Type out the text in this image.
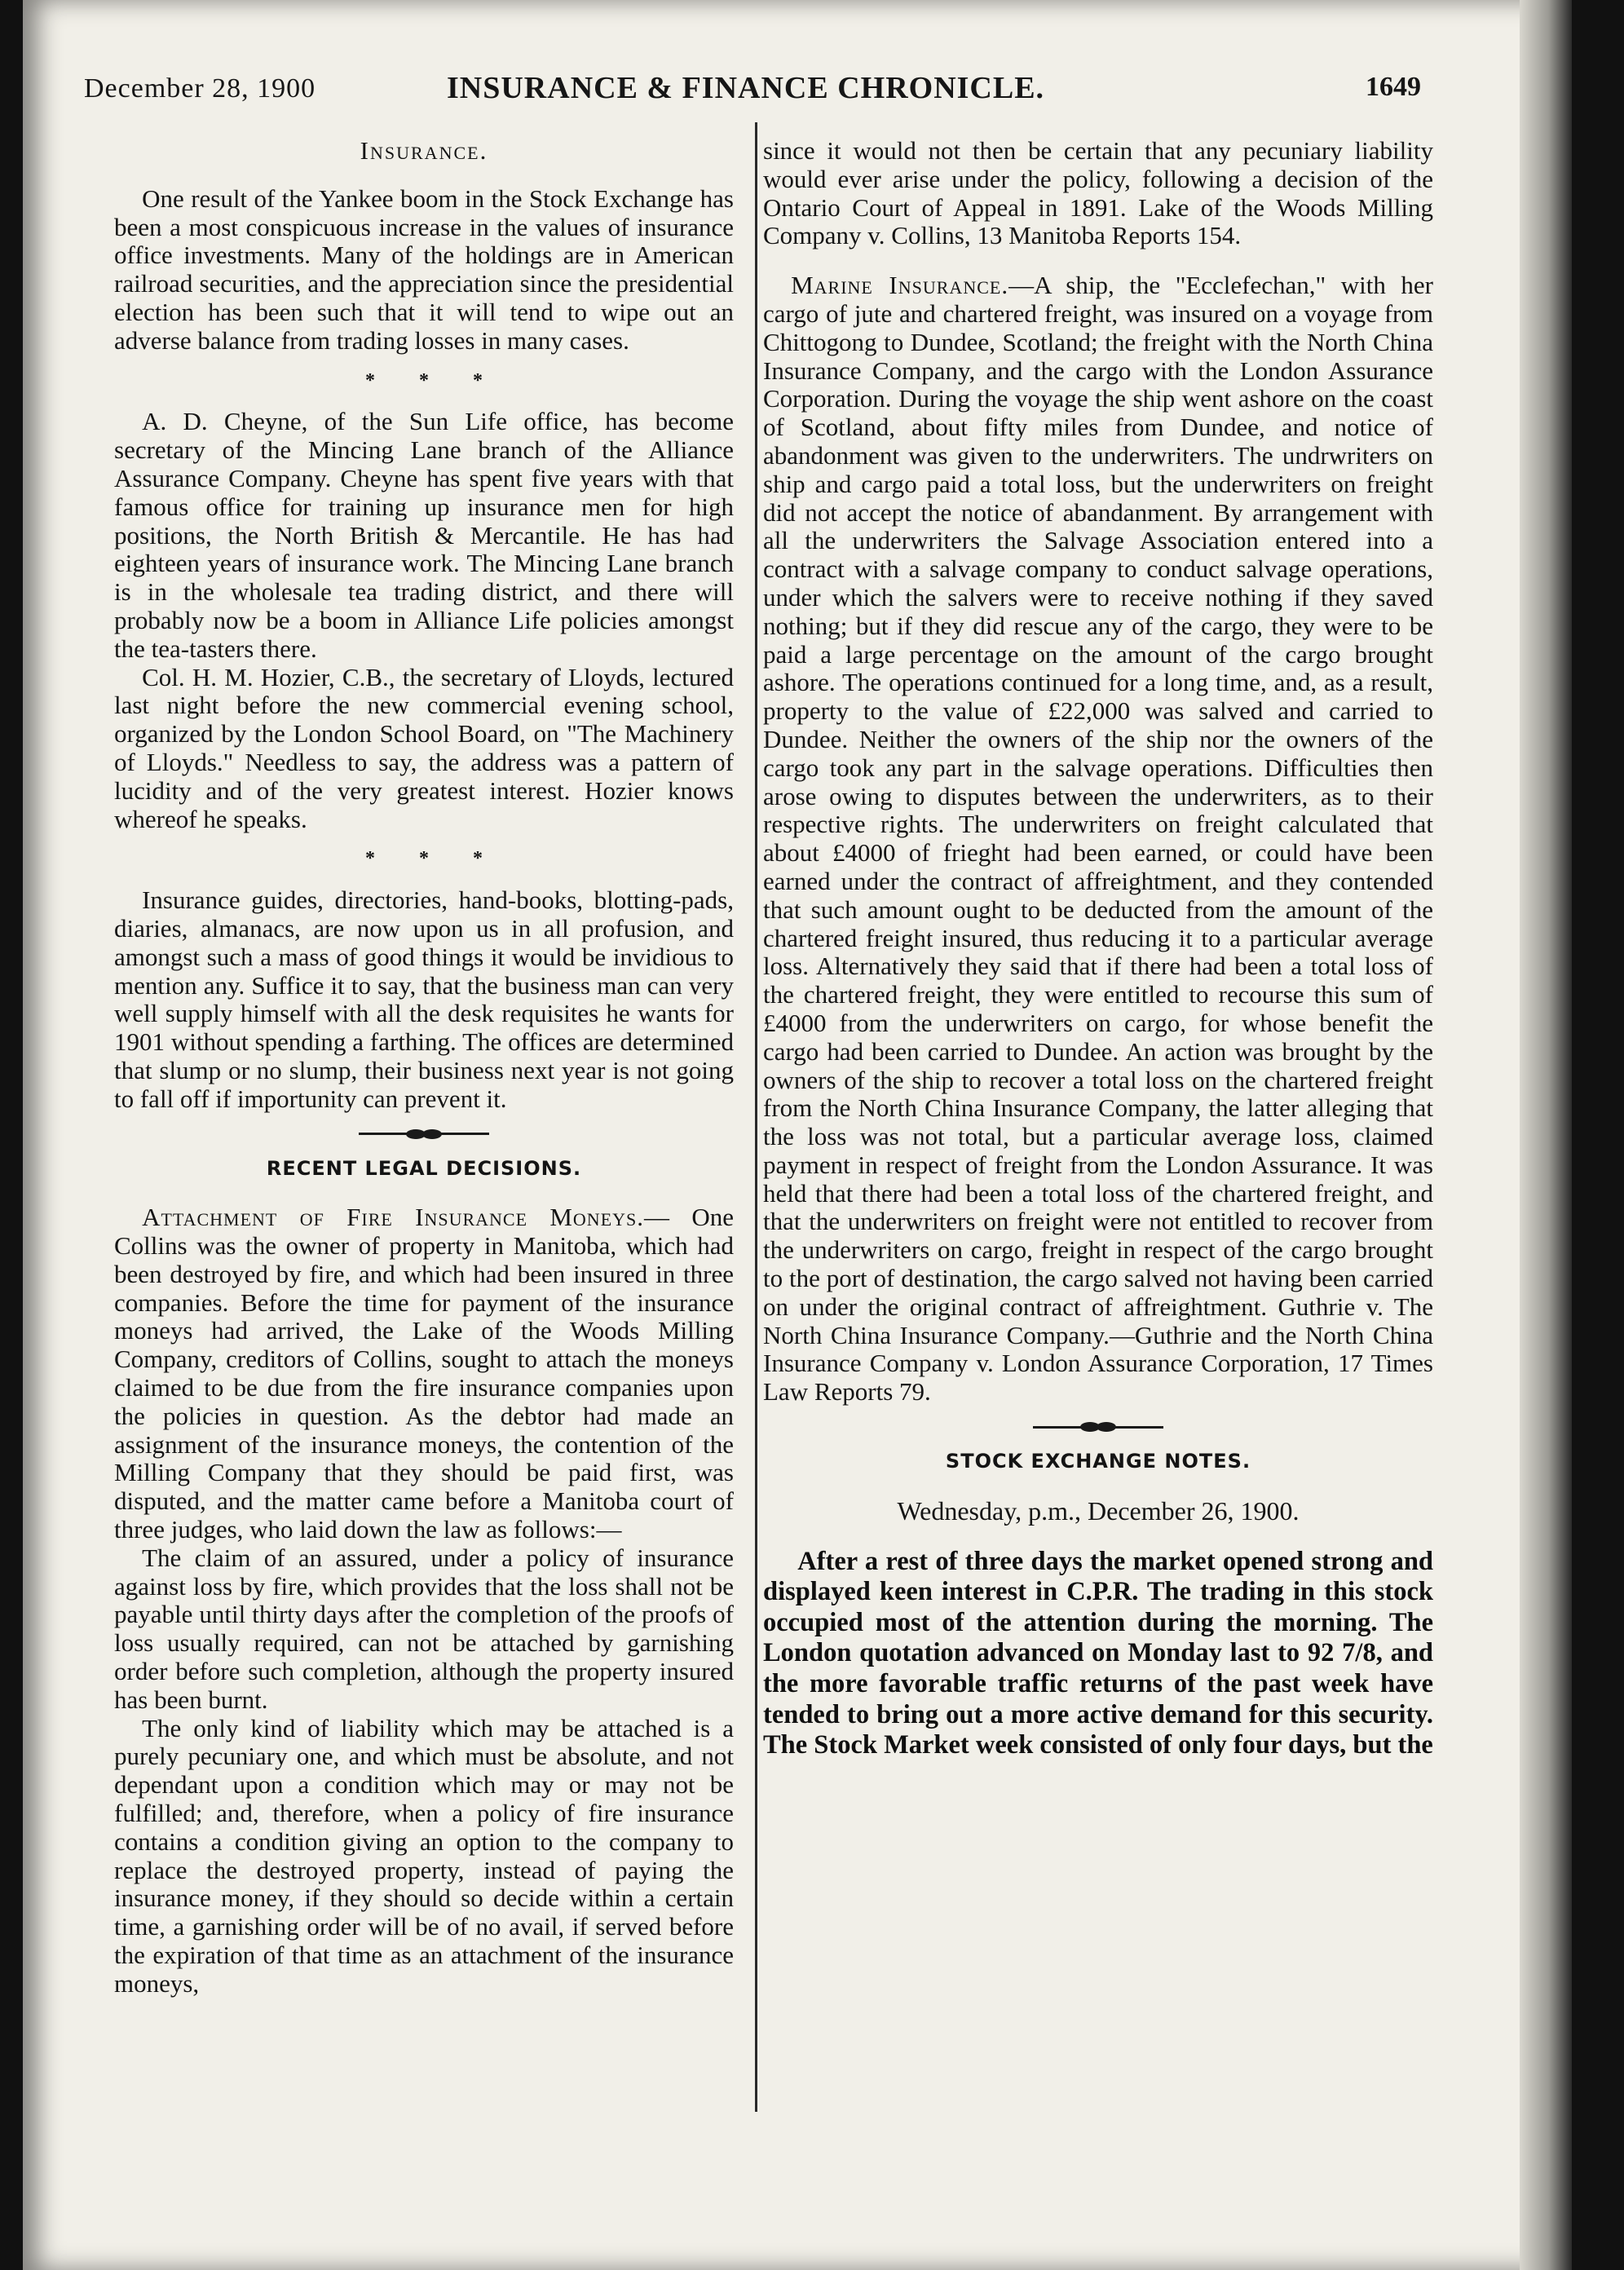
December 28, 1900	INSURANCE & FINANCE CHRONICLE.	1649
Insurance.

One result of the Yankee boom in the Stock Exchange has been a most conspicuous increase in the values of insurance office investments. Many of the holdings are in American railroad securities, and the appreciation since the presidential election has been such that it will tend to wipe out an adverse balance from trading losses in many cases.

* * *

A. D. Cheyne, of the Sun Life office, has become secretary of the Mincing Lane branch of the Alliance Assurance Company. Cheyne has spent five years with that famous office for training up insurance men for high positions, the North British & Mercantile. He has had eighteen years of insurance work. The Mincing Lane branch is in the wholesale tea trading district, and there will probably now be a boom in Alliance Life policies amongst the tea-tasters there.

Col. H. M. Hozier, C.B., the secretary of Lloyds, lectured last night before the new commercial evening school, organized by the London School Board, on "The Machinery of Lloyds." Needless to say, the address was a pattern of lucidity and of the very greatest interest. Hozier knows whereof he speaks.

* * *

Insurance guides, directories, hand-books, blotting-pads, diaries, almanacs, are now upon us in all profusion, and amongst such a mass of good things it would be invidious to mention any. Suffice it to say, that the business man can very well supply himself with all the desk requisites he wants for 1901 without spending a farthing. The offices are determined that slump or no slump, their business next year is not going to fall off if importunity can prevent it.

RECENT LEGAL DECISIONS.

Attachment of Fire Insurance Moneys.— One Collins was the owner of property in Manitoba, which had been destroyed by fire, and which had been insured in three companies. Before the time for payment of the insurance moneys had arrived, the Lake of the Woods Milling Company, creditors of Collins, sought to attach the moneys claimed to be due from the fire insurance companies upon the policies in question. As the debtor had made an assignment of the insurance moneys, the contention of the Milling Company that they should be paid first, was disputed, and the matter came before a Manitoba court of three judges, who laid down the law as follows:—

The claim of an assured, under a policy of insurance against loss by fire, which provides that the loss shall not be payable until thirty days after the completion of the proofs of loss usually required, can not be attached by garnishing order before such completion, although the property insured has been burnt.

The only kind of liability which may be attached is a purely pecuniary one, and which must be absolute, and not dependant upon a condition which may or may not be fulfilled; and, therefore, when a policy of fire insurance contains a condition giving an option to the company to replace the destroyed property, instead of paying the insurance money, if they should so decide within a certain time, a garnishing order will be of no avail, if served before the expiration of that time as an attachment of the insurance moneys,

since it would not then be certain that any pecuniary liability would ever arise under the policy, following a decision of the Ontario Court of Appeal in 1891. Lake of the Woods Milling Company v. Collins, 13 Manitoba Reports 154.

Marine Insurance.—A ship, the "Ecclefechan," with her cargo of jute and chartered freight, was insured on a voyage from Chittogong to Dundee, Scotland; the freight with the North China Insurance Company, and the cargo with the London Assurance Corporation. During the voyage the ship went ashore on the coast of Scotland, about fifty miles from Dundee, and notice of abandonment was given to the underwriters. The undrwriters on ship and cargo paid a total loss, but the underwriters on freight did not accept the notice of abandanment. By arrangement with all the underwriters the Salvage Association entered into a contract with a salvage company to conduct salvage operations, under which the salvers were to receive nothing if they saved nothing; but if they did rescue any of the cargo, they were to be paid a large percentage on the amount of the cargo brought ashore. The operations continued for a long time, and, as a result, property to the value of £22,000 was salved and carried to Dundee. Neither the owners of the ship nor the owners of the cargo took any part in the salvage operations. Difficulties then arose owing to disputes between the underwriters, as to their respective rights. The underwriters on freight calculated that about £4000 of frieght had been earned, or could have been earned under the contract of affreightment, and they contended that such amount ought to be deducted from the amount of the chartered freight insured, thus reducing it to a particular average loss. Alternatively they said that if there had been a total loss of the chartered freight, they were entitled to recourse this sum of £4000 from the underwriters on cargo, for whose benefit the cargo had been carried to Dundee. An action was brought by the owners of the ship to recover a total loss on the chartered freight from the North China Insurance Company, the latter alleging that the loss was not total, but a particular average loss, claimed payment in respect of freight from the London Assurance. It was held that there had been a total loss of the chartered freight, and that the underwriters on freight were not entitled to recover from the underwriters on cargo, freight in respect of the cargo brought to the port of destination, the cargo salved not having been carried on under the original contract of affreightment. Guthrie v. The North China Insurance Company.—Guthrie and the North China Insurance Company v. London Assurance Corporation, 17 Times Law Reports 79.

STOCK EXCHANGE NOTES.
Wednesday, p.m., December 26, 1900.

After a rest of three days the market opened strong and displayed keen interest in C.P.R. The trading in this stock occupied most of the attention during the morning. The London quotation advanced on Monday last to 92 7/8, and the more favorable traffic returns of the past week have tended to bring out a more active demand for this security. The Stock Market week consisted of only four days, but the
